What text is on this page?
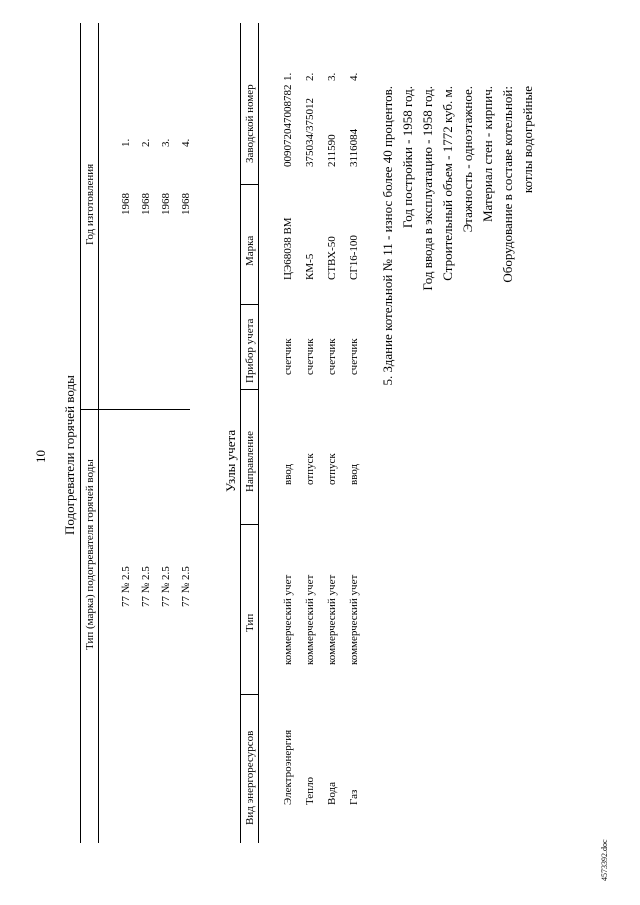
10 Подогреватели горячей воды
Тип (марка) подогревателя горячей воды
Год изготовления
1.
77 № 2.5
1968
2.
77 № 2.5
1968
3.
77 № 2.5
1968
4.
77 № 2.5
1968
Узлы учета
Вид энергоресурсов
Тип
Направление
Прибор учета
Марка
Заводской номер
1.
Электроэнергия
коммерческий учет
ввод
счетчик
ЦЭ68038 ВМ
009072047008782
2.
Тепло
коммерческий учет
отпуск
счетчик
КМ-5
375034/375012
3.
Вода
коммерческий учет
отпуск
счетчик
СТВХ-50
211590
4.
Газ
коммерческий учет
ввод
счетчик
СГ16-100
3116084 5. Здание котельной № 11 - износ более 40 процентов. Год постройки - 1958 год. Год ввода в эксплуатацию - 1958 год. Строительный объем - 1772 куб. м. Этажность - одноэтажное. Материал стен - кирпич. Оборудование в составе котельной: котлы водогрейные
4573392.doc
